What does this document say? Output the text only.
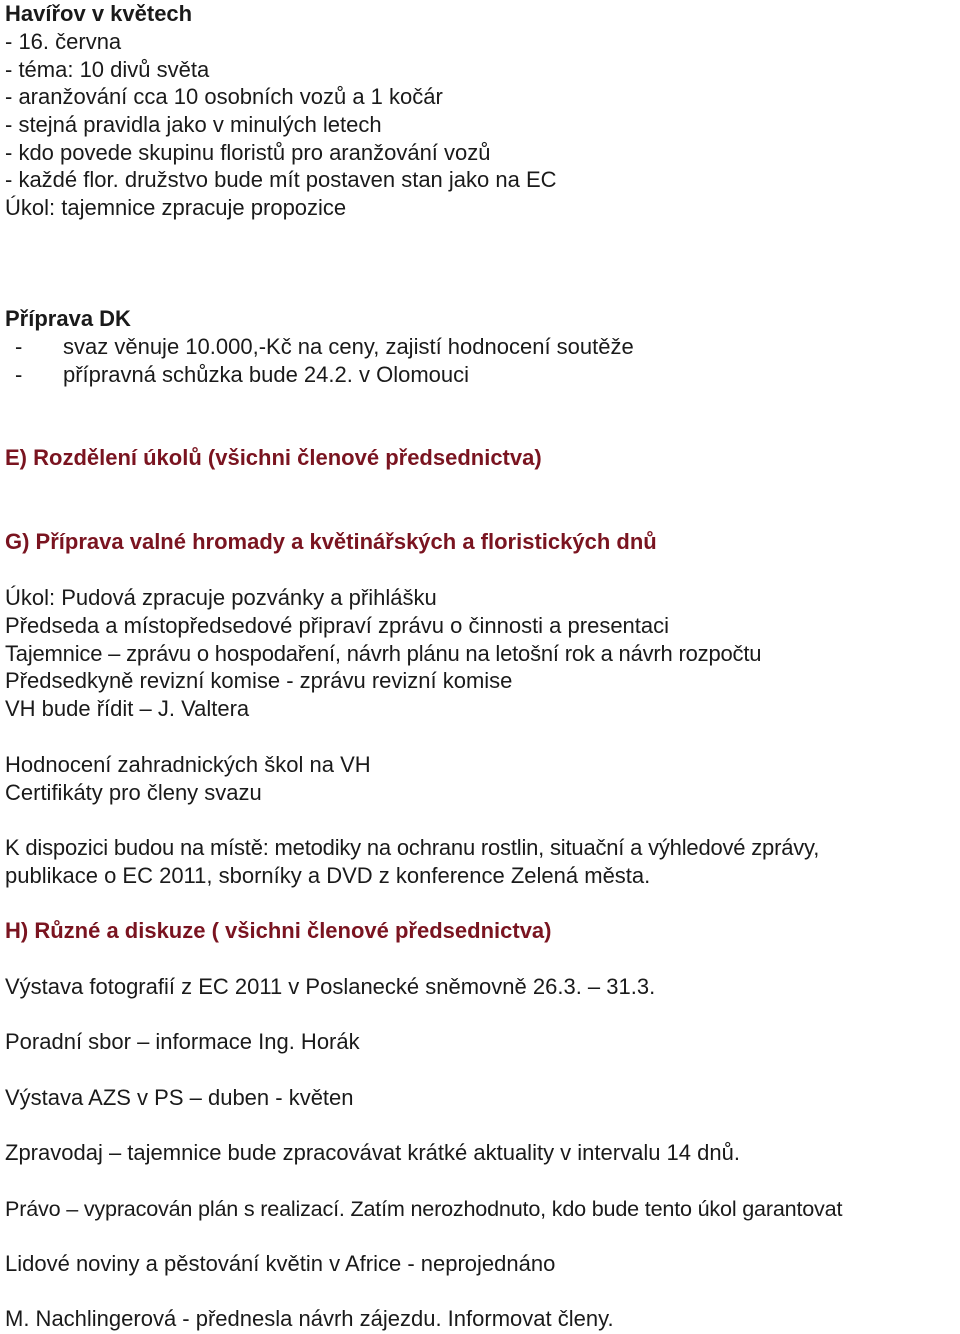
Havířov v květech

- 16. června

- téma: 10 divů světa

- aranžování cca 10 osobních vozů a 1 kočár

- stejná pravidla jako v minulých letech

- kdo povede skupinu floristů pro aranžování vozů

- každé flor. družstvo bude mít postaven stan jako na EC

Úkol: tajemnice zpracuje propozice

Příprava DK

- svaz věnuje 10.000,-Kč na ceny, zajistí hodnocení soutěže

- přípravná schůzka bude 24.2. v Olomouci

E) Rozdělení úkolů (všichni členové předsednictva)

G) Příprava valné hromady a květinářských a floristických dnů

Úkol: Pudová zpracuje pozvánky a přihlášku

Předseda a místopředsedové připraví zprávu o činnosti a presentaci

Tajemnice – zprávu o hospodaření, návrh plánu na letošní rok a návrh rozpočtu

Předsedkyně revizní komise - zprávu revizní komise

VH bude řídit – J. Valtera

Hodnocení zahradnických škol na VH

Certifikáty pro členy svazu

K dispozici budou na místě: metodiky na ochranu rostlin, situační a výhledové zprávy,

publikace o EC 2011, sborníky a DVD z konference Zelená města.

H) Různé a diskuze ( všichni členové předsednictva)

Výstava fotografií z EC 2011 v Poslanecké sněmovně 26.3. – 31.3.

Poradní sbor – informace Ing. Horák

Výstava AZS v PS – duben - květen

Zpravodaj – tajemnice bude zpracovávat krátké aktuality v intervalu 14 dnů.

Právo – vypracován plán s realizací. Zatím nerozhodnuto, kdo bude tento úkol garantovat

Lidové noviny a pěstování květin v Africe - neprojednáno

M. Nachlingerová - přednesla návrh zájezdu. Informovat členy.
